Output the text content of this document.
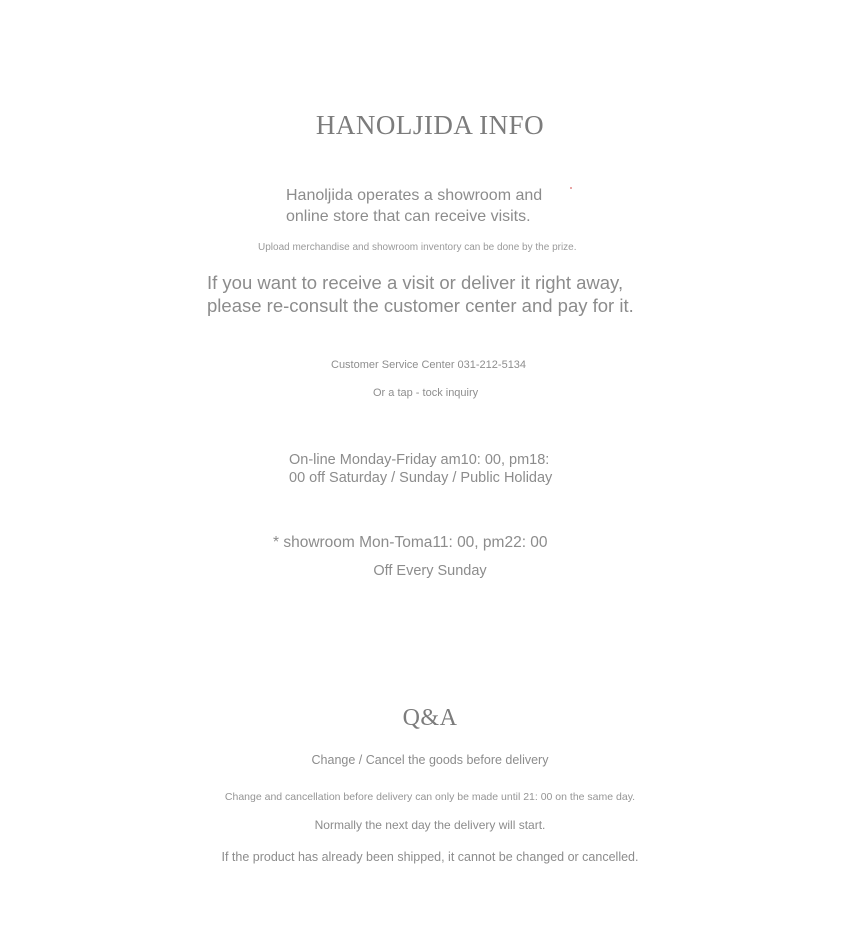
HANOLJIDA INFO
Hanoljida operates a showroom and
online store that can receive visits.
Upload merchandise and showroom inventory can be done by the prize.
If you want to receive a visit or deliver it right away,
please re-consult the customer center and pay for it.
Customer Service Center 031-212-5134
Or a tap - tock inquiry
On-line Monday-Friday am10: 00, pm18:
00 off Saturday / Sunday / Public Holiday
* showroom Mon-Toma11: 00, pm22: 00
Off Every Sunday
Q&A
Change / Cancel the goods before delivery
Change and cancellation before delivery can only be made until 21: 00 on the same day.
Normally the next day the delivery will start.
If the product has already been shipped, it cannot be changed or cancelled.
